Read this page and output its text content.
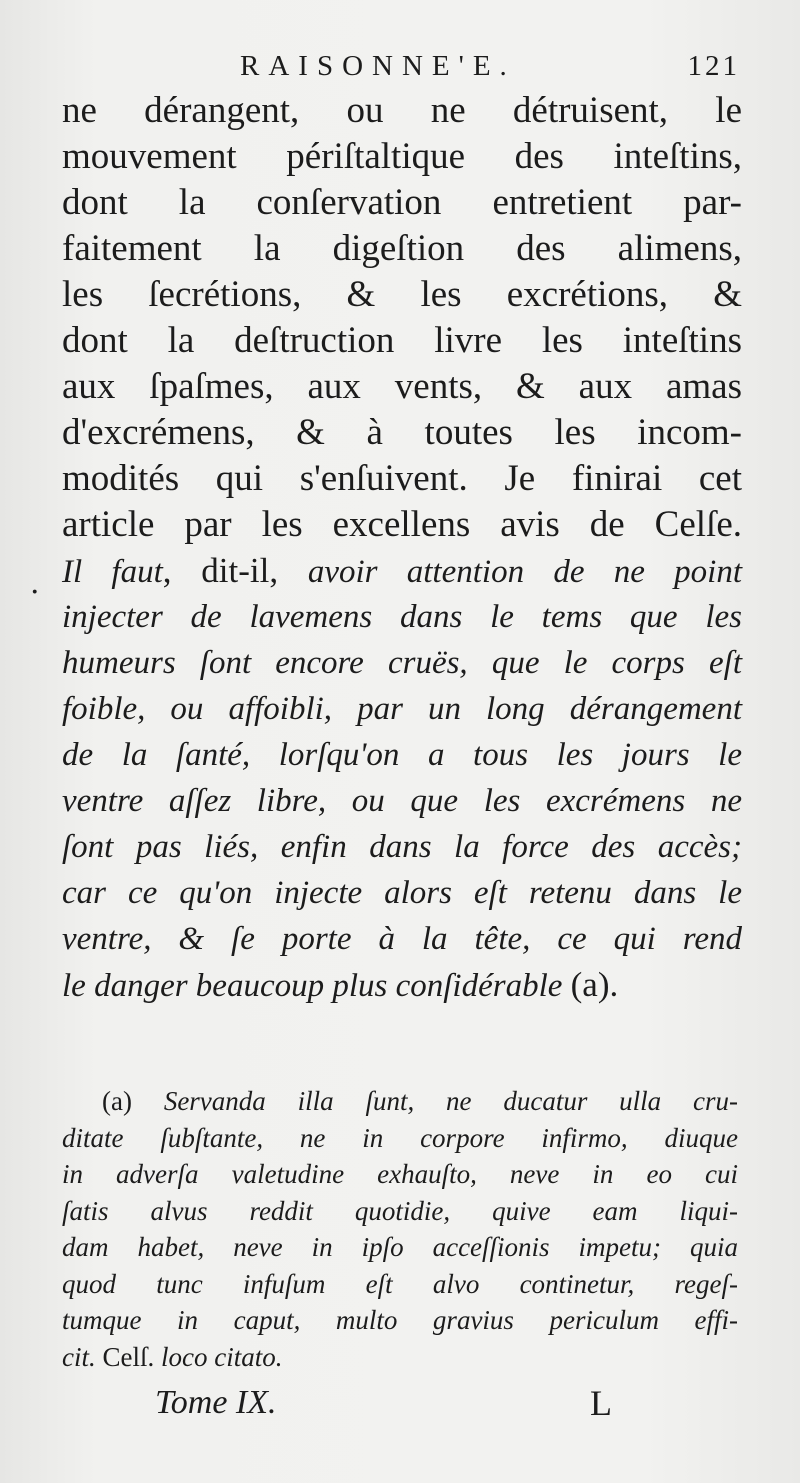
RAISONNE'E.	121
·
ne dérangent, ou ne détruisent, le
mouvement périſtaltique des inteſtins,
dont la conſervation entretient par-
faitement la digeſtion des alimens,
les ſecrétions, & les excrétions, &
dont la deſtruction livre les inteſtins
aux ſpaſmes, aux vents, & aux amas
d'excrémens, & à toutes les incom-
modités qui s'enſuivent. Je finirai cet
article par les excellens avis de Celſe.
Il faut, dit-il, avoir attention de ne point
injecter de lavemens dans le tems que les
humeurs ſont encore cruës, que le corps eſt
foible, ou affoibli, par un long dérangement
de la ſanté, lorſqu'on a tous les jours le
ventre aſſez libre, ou que les excrémens ne
ſont pas liés, enfin dans la force des accès;
car ce qu'on injecte alors eſt retenu dans le
ventre, & ſe porte à la tête, ce qui rend
le danger beaucoup plus conſidérable (a).
(a) Servanda illa ſunt, ne ducatur ulla cru-
ditate ſubſtante, ne in corpore infirmo, diuque
in adverſa valetudine exhauſto, neve in eo cui
ſatis alvus reddit quotidie, quive eam liqui-
dam habet, neve in ipſo acceſſionis impetu; quia
quod tunc infuſum eſt alvo continetur, regeſ-
tumque in caput, multo gravius periculum effi-
cit. Celſ. loco citato.
Tome IX.	L
